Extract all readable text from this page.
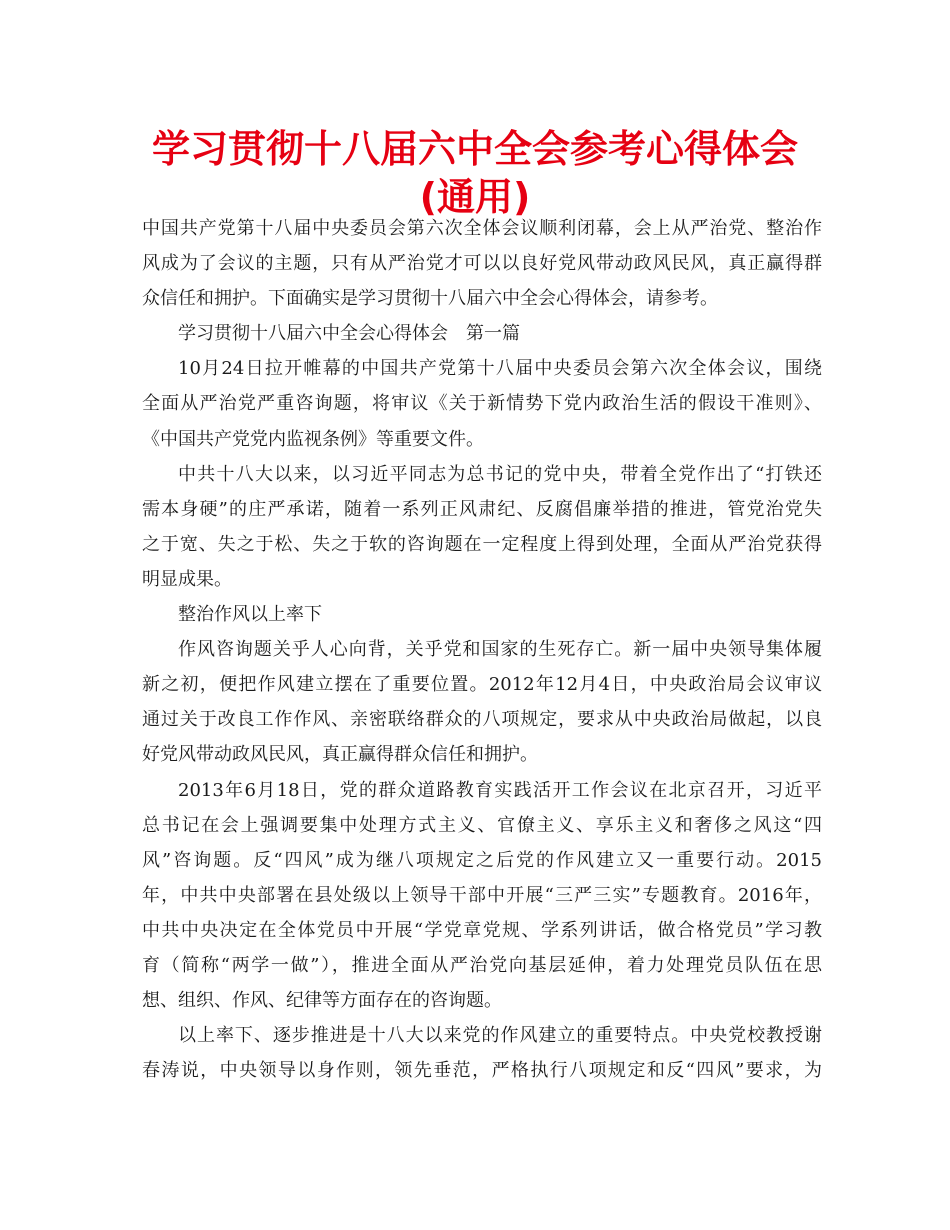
学习贯彻十八届六中全会参考心得体会
(通用)

中国共产党第十八届中央委员会第六次全体会议顺利闭幕，会上从严治党、整治作
风成为了会议的主题，只有从严治党才可以以良好党风带动政风民风，真正赢得群
众信任和拥护。下面确实是学习贯彻十八届六中全会心得体会，请参考。

学习贯彻十八届六中全会心得体会　第一篇

10月24日拉开帷幕的中国共产党第十八届中央委员会第六次全体会议，围绕
全面从严治党严重咨询题，将审议《关于新情势下党内政治生活的假设干准则》、
《中国共产党党内监视条例》等重要文件。

中共十八大以来，以习近平同志为总书记的党中央，带着全党作出了“打铁还
需本身硬”的庄严承诺，随着一系列正风肃纪、反腐倡廉举措的推进，管党治党失
之于宽、失之于松、失之于软的咨询题在一定程度上得到处理，全面从严治党获得
明显成果。

整治作风以上率下

作风咨询题关乎人心向背，关乎党和国家的生死存亡。新一届中央领导集体履
新之初，便把作风建立摆在了重要位置。2012年12月4日，中央政治局会议审议
通过关于改良工作作风、亲密联络群众的八项规定，要求从中央政治局做起，以良
好党风带动政风民风，真正赢得群众信任和拥护。

2013年6月18日，党的群众道路教育实践活开工作会议在北京召开，习近平
总书记在会上强调要集中处理方式主义、官僚主义、享乐主义和奢侈之风这“四
风”咨询题。反“四风”成为继八项规定之后党的作风建立又一重要行动。2015
年，中共中央部署在县处级以上领导干部中开展“三严三实”专题教育。2016年，
中共中央决定在全体党员中开展“学党章党规、学系列讲话，做合格党员”学习教
育（简称“两学一做”），推进全面从严治党向基层延伸，着力处理党员队伍在思
想、组织、作风、纪律等方面存在的咨询题。

以上率下、逐步推进是十八大以来党的作风建立的重要特点。中央党校教授谢
春涛说，中央领导以身作则，领先垂范，严格执行八项规定和反“四风”要求，为
